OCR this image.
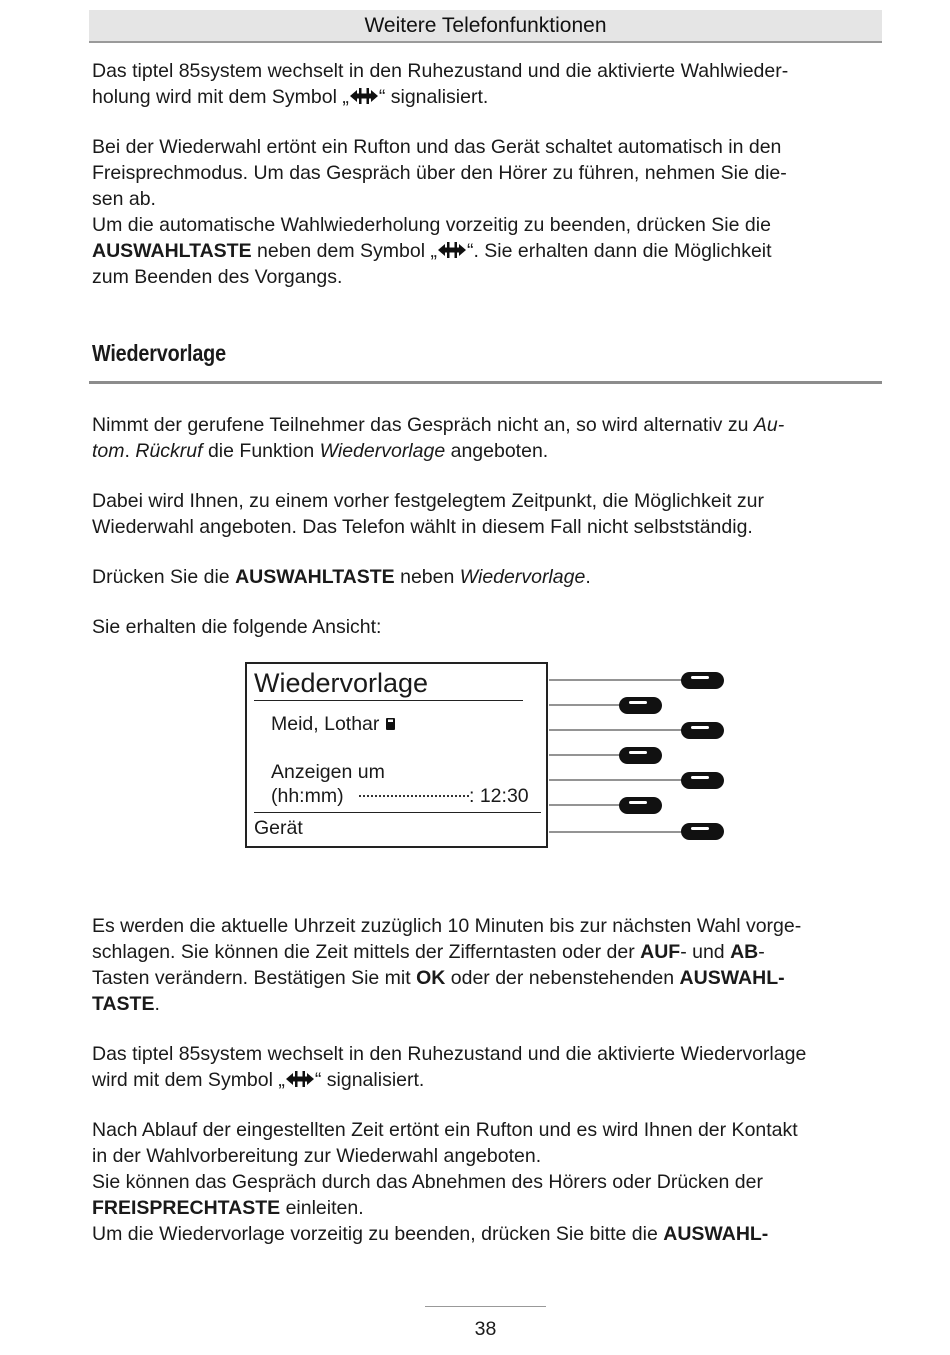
Weitere Telefonfunktionen

Das tiptel 85system wechselt in den Ruhezustand und die aktivierte Wahlwieder-
holung wird mit dem Symbol „ “ signalisiert.

Bei der Wiederwahl ertönt ein Rufton und das Gerät schaltet automatisch in den
Freisprechmodus. Um das Gespräch über den Hörer zu führen, nehmen Sie die-
sen ab.
Um die automatische Wahlwiederholung vorzeitig zu beenden, drücken Sie die
AUSWAHLTASTE neben dem Symbol „ “. Sie erhalten dann die Möglichkeit
zum Beenden des Vorgangs.

Wiedervorlage

Nimmt der gerufene Teilnehmer das Gespräch nicht an, so wird alternativ zu Au-
tom. Rückruf die Funktion Wiedervorlage angeboten.

Dabei wird Ihnen, zu einem vorher festgelegtem Zeitpunkt, die Möglichkeit zur
Wiederwahl angeboten. Das Telefon wählt in diesem Fall nicht selbstständig.

Drücken Sie die AUSWAHLTASTE neben Wiedervorlage.

Sie erhalten die folgende Ansicht:

Wiedervorlage
Meid, Lothar
Anzeigen um
(hh:mm)	: 12:30
Gerät

Es werden die aktuelle Uhrzeit zuzüglich 10 Minuten bis zur nächsten Wahl vorge-
schlagen. Sie können die Zeit mittels der Zifferntasten oder der AUF- und AB-
Tasten verändern. Bestätigen Sie mit OK oder der nebenstehenden AUSWAHL-
TASTE.

Das tiptel 85system wechselt in den Ruhezustand und die aktivierte Wiedervorlage
wird mit dem Symbol „ “ signalisiert.

Nach Ablauf der eingestellten Zeit ertönt ein Rufton und es wird Ihnen der Kontakt
in der Wahlvorbereitung zur Wiederwahl angeboten.
Sie können das Gespräch durch das Abnehmen des Hörers oder Drücken der
FREISPRECHTASTE einleiten.
Um die Wiedervorlage vorzeitig zu beenden, drücken Sie bitte die AUSWAHL-

38
